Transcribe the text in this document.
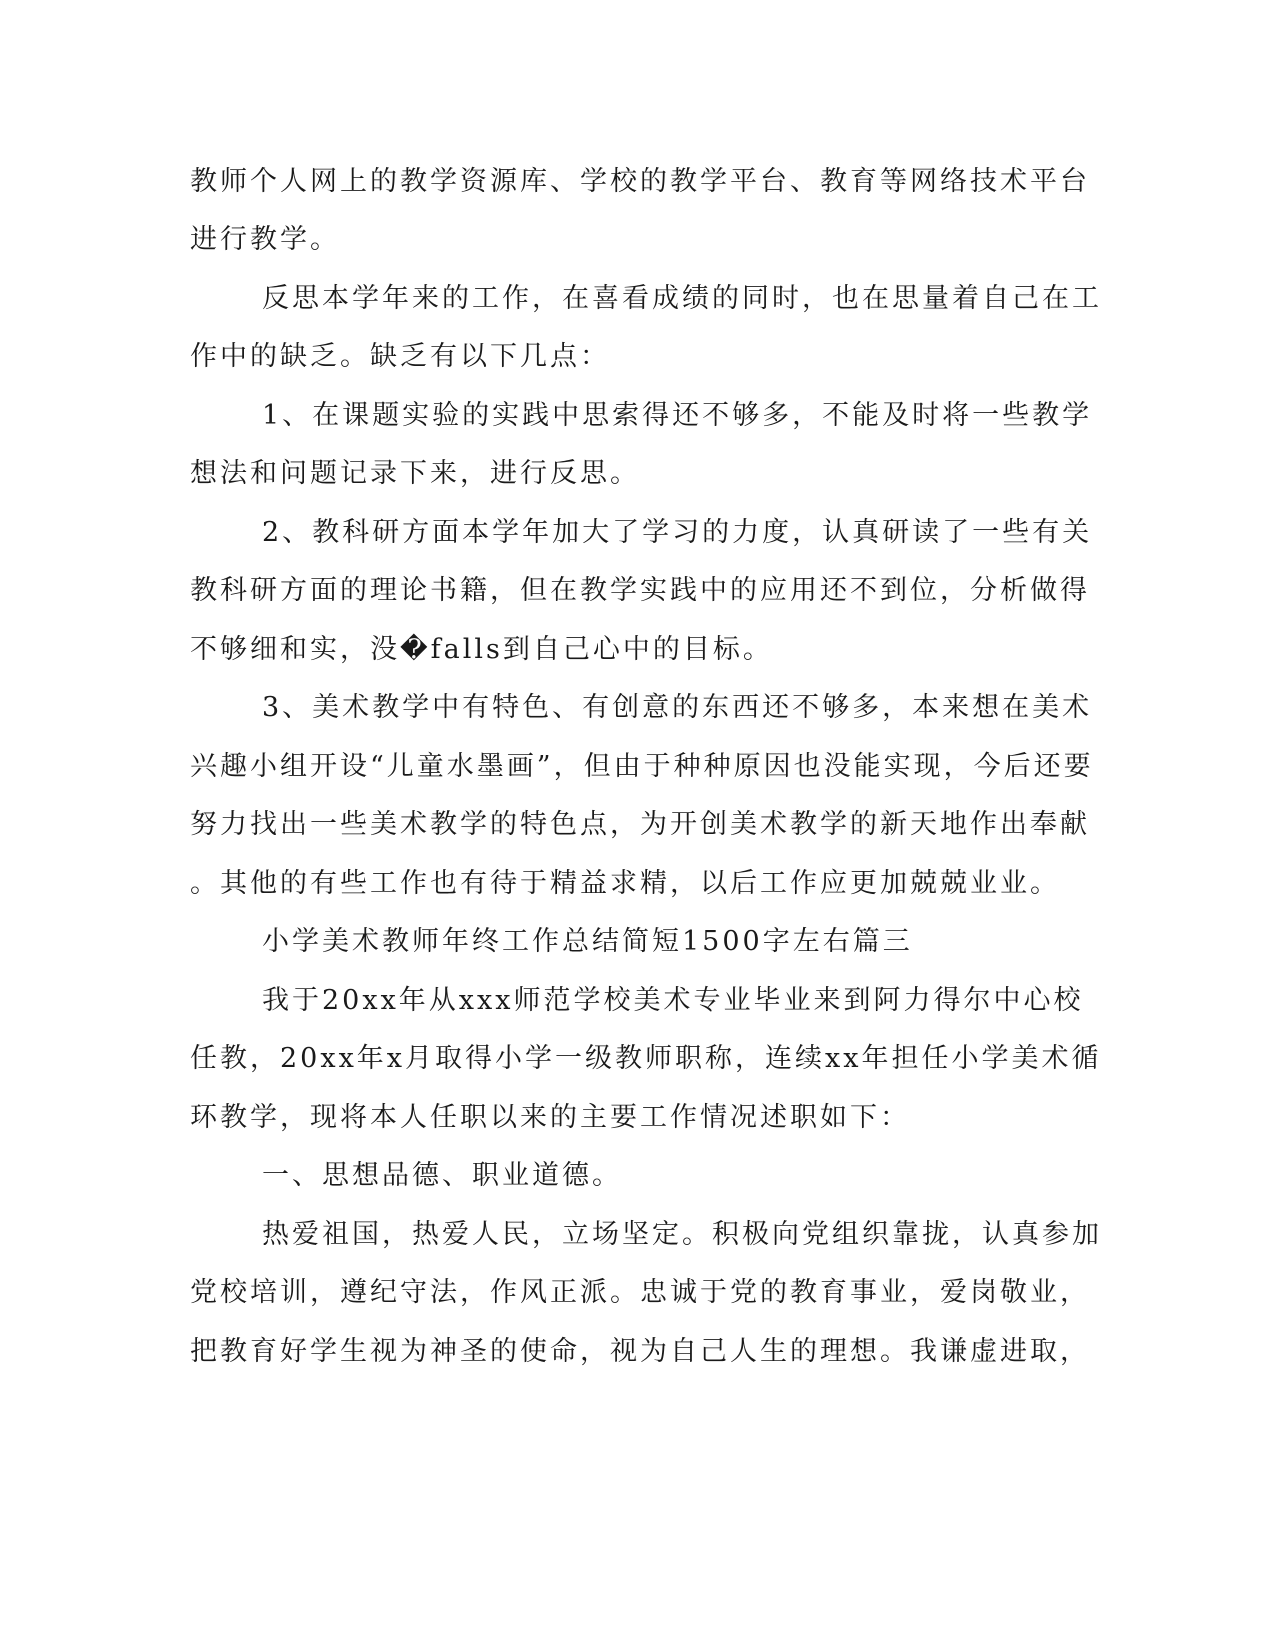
教师个人网上的教学资源库、学校的教学平台、教育等网络技术平台
进行教学。
反思本学年来的工作，在喜看成绩的同时，也在思量着自己在工
作中的缺乏。缺乏有以下几点：
1、在课题实验的实践中思索得还不够多，不能及时将一些教学
想法和问题记录下来，进行反思。
2、教科研方面本学年加大了学习的力度，认真研读了一些有关
教科研方面的理论书籍，但在教学实践中的应用还不到位，分析做得
不够细和实，没�falls到自己心中的目标。
3、美术教学中有特色、有创意的东西还不够多，本来想在美术
兴趣小组开设“儿童水墨画”，但由于种种原因也没能实现，今后还要
努力找出一些美术教学的特色点，为开创美术教学的新天地作出奉献
。其他的有些工作也有待于精益求精，以后工作应更加兢兢业业。
小学美术教师年终工作总结简短1500字左右篇三
我于20xx年从xxx师范学校美术专业毕业来到阿力得尔中心校
任教，20xx年x月取得小学一级教师职称，连续xx年担任小学美术循
环教学，现将本人任职以来的主要工作情况述职如下：
一、思想品德、职业道德。
热爱祖国，热爱人民，立场坚定。积极向党组织靠拢，认真参加
党校培训，遵纪守法，作风正派。忠诚于党的教育事业，爱岗敬业，
把教育好学生视为神圣的使命，视为自己人生的理想。我谦虚进取，
